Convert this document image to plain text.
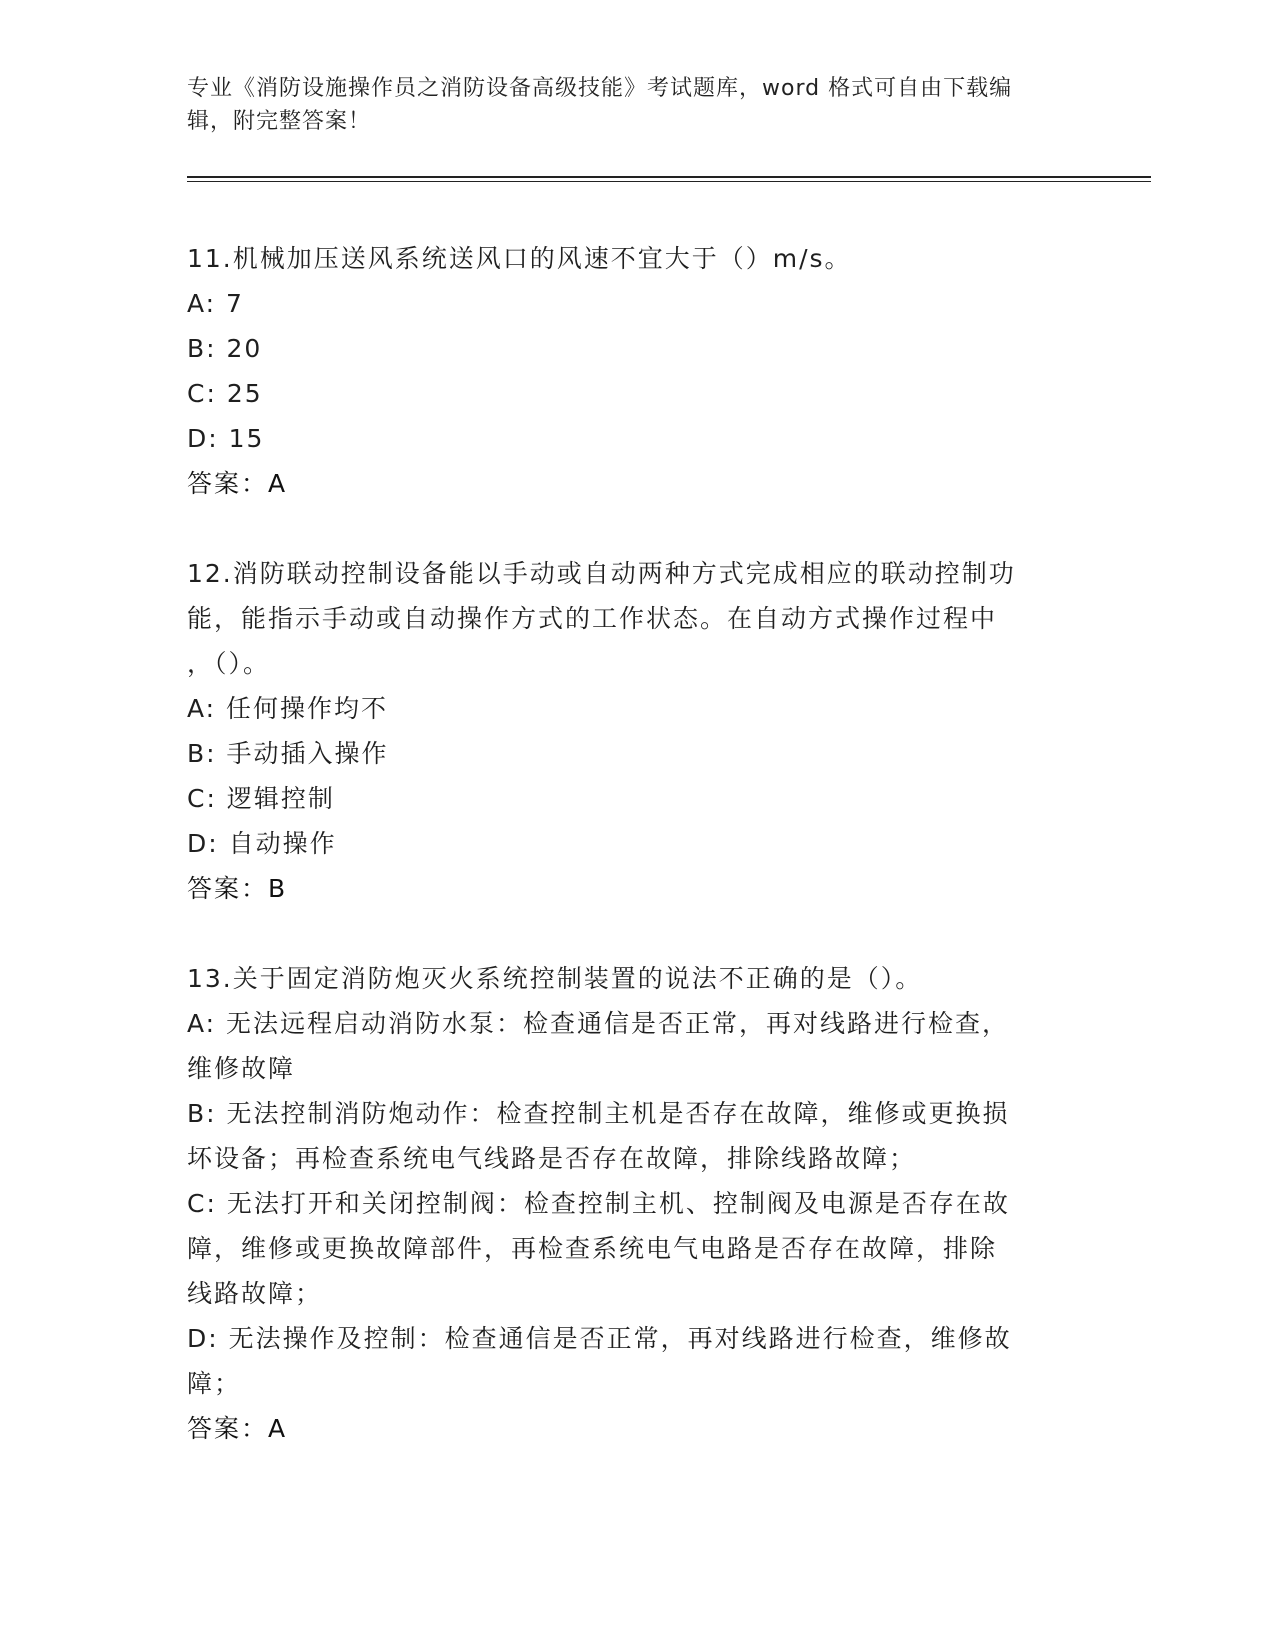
专业《消防设施操作员之消防设备高级技能》考试题库，word 格式可自由下载编
辑，附完整答案！

11.机械加压送风系统送风口的风速不宜大于（）m/s。

A: 7

B: 20

C: 25

D: 15

答案：A

12.消防联动控制设备能以手动或自动两种方式完成相应的联动控制功

能，能指示手动或自动操作方式的工作状态。在自动方式操作过程中

，（）。

A: 任何操作均不

B: 手动插入操作

C: 逻辑控制

D: 自动操作

答案：B

13.关于固定消防炮灭火系统控制装置的说法不正确的是（）。

A: 无法远程启动消防水泵：检查通信是否正常，再对线路进行检查，

维修故障

B: 无法控制消防炮动作：检查控制主机是否存在故障，维修或更换损

坏设备；再检查系统电气线路是否存在故障，排除线路故障；

C: 无法打开和关闭控制阀：检查控制主机、控制阀及电源是否存在故

障，维修或更换故障部件，再检查系统电气电路是否存在故障，排除

线路故障；

D: 无法操作及控制：检查通信是否正常，再对线路进行检查，维修故

障；

答案：A
